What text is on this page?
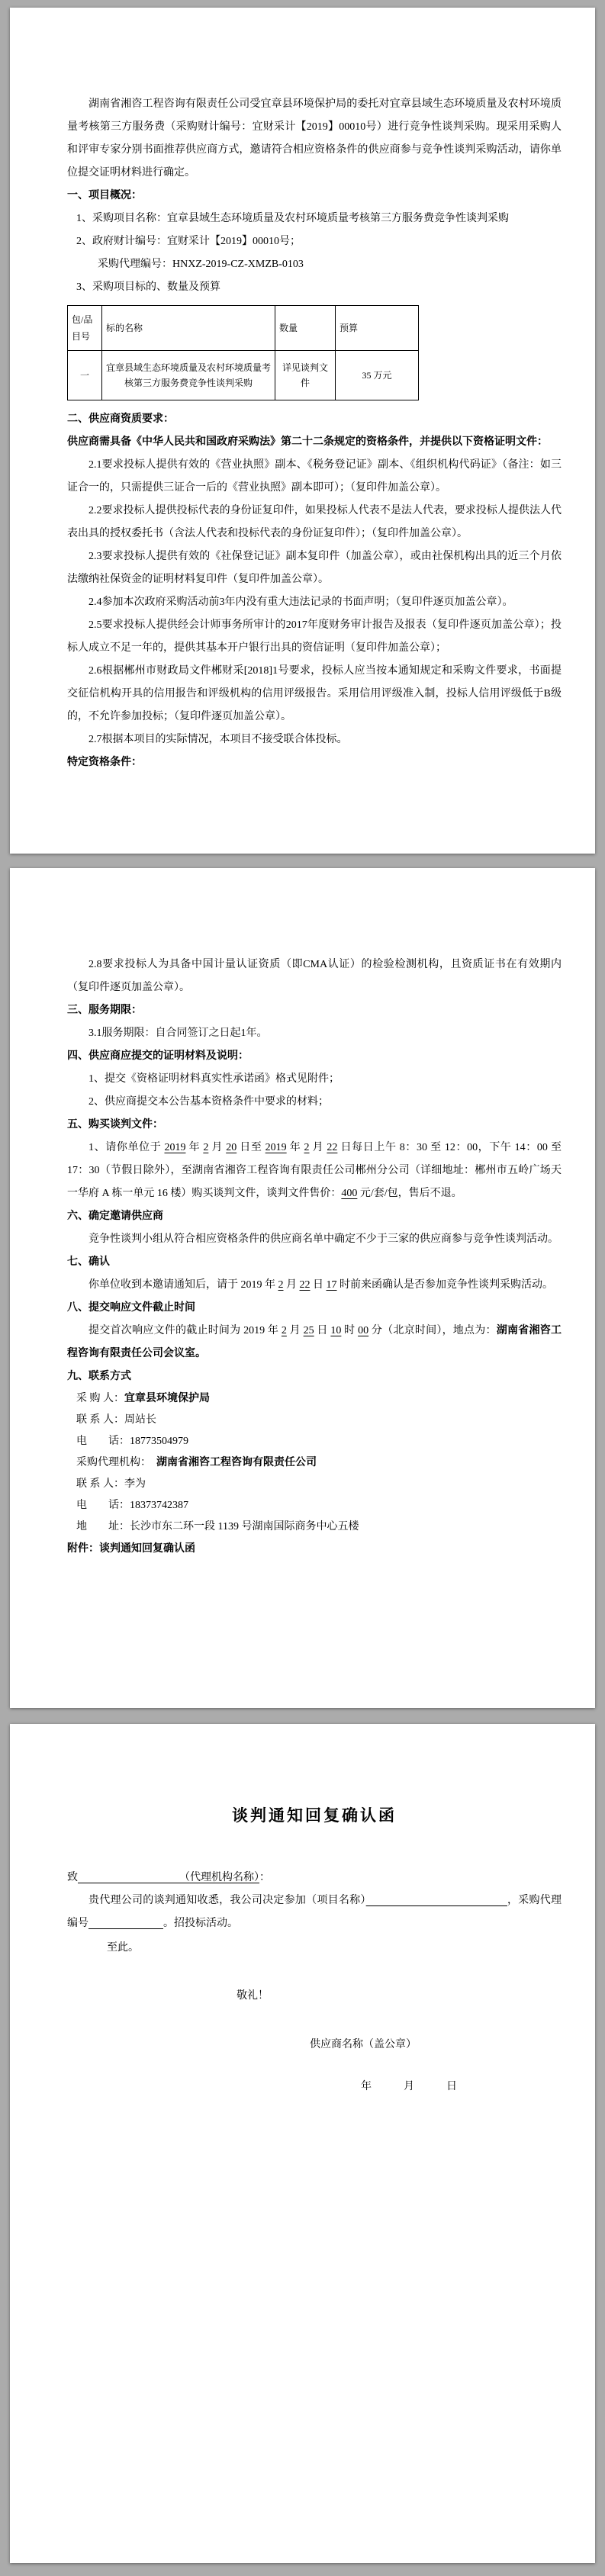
湖南省湘咨工程咨询有限责任公司受宜章县环境保护局的委托对宜章县域生态环境质量及农村环境质量考核第三方服务费（采购财计编号：宜财采计【2019】00010号）进行竞争性谈判采购。现采用采购人和评审专家分别书面推荐供应商方式，邀请符合相应资格条件的供应商参与竞争性谈判采购活动，请你单位提交证明材料进行确定。

一、项目概况：

1、采购项目名称：宜章县域生态环境质量及农村环境质量考核第三方服务费竞争性谈判采购

2、政府财计编号：宜财采计【2019】00010号；

采购代理编号：HNXZ-2019-CZ-XMZB-0103

3、采购项目标的、数量及预算

包/品目号	标的名称	数量	预算
一	宜章县域生态环境质量及农村环境质量考核第三方服务费竞争性谈判采购	详见谈判文件	35 万元

二、供应商资质要求：

供应商需具备《中华人民共和国政府采购法》第二十二条规定的资格条件，并提供以下资格证明文件：

2.1要求投标人提供有效的《营业执照》副本、《税务登记证》副本、《组织机构代码证》（备注：如三证合一的，只需提供三证合一后的《营业执照》副本即可）；（复印件加盖公章）。

2.2要求投标人提供投标代表的身份证复印件，如果投标人代表不是法人代表，要求投标人提供法人代表出具的授权委托书（含法人代表和投标代表的身份证复印件）；（复印件加盖公章）。

2.3要求投标人提供有效的《社保登记证》副本复印件（加盖公章），或由社保机构出具的近三个月依法缴纳社保资金的证明材料复印件（复印件加盖公章）。

2.4参加本次政府采购活动前3年内没有重大违法记录的书面声明；（复印件逐页加盖公章）。

2.5要求投标人提供经会计师事务所审计的2017年度财务审计报告及报表（复印件逐页加盖公章）；投标人成立不足一年的，提供其基本开户银行出具的资信证明（复印件加盖公章）；

2.6根据郴州市财政局文件郴财采[2018]1号要求，投标人应当按本通知规定和采购文件要求，书面提交征信机构开具的信用报告和评级机构的信用评级报告。采用信用评级准入制，投标人信用评级低于B级的，不允许参加投标；（复印件逐页加盖公章）。

2.7根据本项目的实际情况，本项目不接受联合体投标。

特定资格条件：

2.8要求投标人为具备中国计量认证资质（即CMA认证）的检验检测机构，且资质证书在有效期内（复印件逐页加盖公章）。

三、服务期限：

3.1服务期限：自合同签订之日起1年。

四、供应商应提交的证明材料及说明：

1、提交《资格证明材料真实性承诺函》格式见附件；

2、供应商提交本公告基本资格条件中要求的材料；

五、购买谈判文件：

1、请你单位于 2019 年 2 月 20 日至 2019 年 2 月 22 日每日上午 8：30 至 12：00，下午 14：00 至 17：30（节假日除外），至湖南省湘咨工程咨询有限责任公司郴州分公司（详细地址：郴州市五岭广场天一华府 A 栋一单元 16 楼）购买谈判文件，谈判文件售价：400 元/套/包，售后不退。

六、确定邀请供应商

竞争性谈判小组从符合相应资格条件的供应商名单中确定不少于三家的供应商参与竞争性谈判活动。

七、确认

你单位收到本邀请通知后，请于 2019 年 2 月 22 日 17 时前来函确认是否参加竞争性谈判采购活动。

八、提交响应文件截止时间

提交首次响应文件的截止时间为 2019 年 2 月 25 日 10 时 00 分（北京时间），地点为：湖南省湘咨工程咨询有限责任公司会议室。

九、联系方式

采 购 人：宜章县环境保护局

联 系 人：周站长

电　　话：18773504979

采购代理机构：　湖南省湘咨工程咨询有限责任公司

联 系 人：李为

电　　话：18373742387

地　　址：长沙市东二环一段 1139 号湖南国际商务中心五楼

附件：谈判通知回复确认函

谈判通知回复确认函

致　　　　　　　　　　	（代理机构名称）：

贵代理公司的谈判通知收悉，我公司决定参加（项目名称）　　　　　　　　　　　　　	，采购代理编号　　　　　　　	。招投标活动。

至此。

敬礼！

供应商名称（盖公章）

年　　　月　　　日
